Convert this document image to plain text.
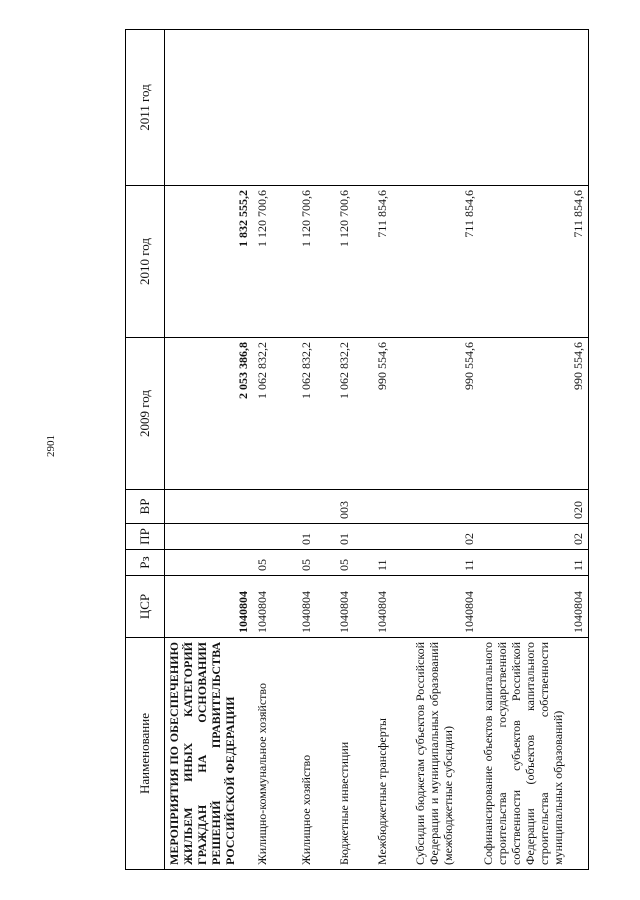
2901
Наименование	ЦСР	Рз	ПР	ВР	2009 год	2010 год	2011 год
МЕРОПРИЯТИЯ ПО ОБЕСПЕЧЕНИЮ ЖИЛЬЕМ ИНЫХ КАТЕГОРИЙ ГРАЖДАН НА ОСНОВАНИИ РЕШЕНИЙ ПРАВИТЕЛЬСТВА РОССИЙСКОЙ ФЕДЕРАЦИИ	1040804				2 053 386,8	1 832 555,2	
Жилищно-коммунальное хозяйство	1040804	05			1 062 832,2	1 120 700,6	
Жилищное хозяйство	1040804	05	01		1 062 832,2	1 120 700,6	
Бюджетные инвестиции	1040804	05	01	003	1 062 832,2	1 120 700,6	
Межбюджетные трансферты	1040804	11			990 554,6	711 854,6	
Субсидии бюджетам субъектов Российской Федерации и муниципальных образований (межбюджетные субсидии)	1040804	11	02		990 554,6	711 854,6	
Софинансирование объектов капитального строительства государственной собственности субъектов Российской Федерации (объектов капитального строительства собственности муниципальных образований)	1040804	11	02	020	990 554,6	711 854,6	
